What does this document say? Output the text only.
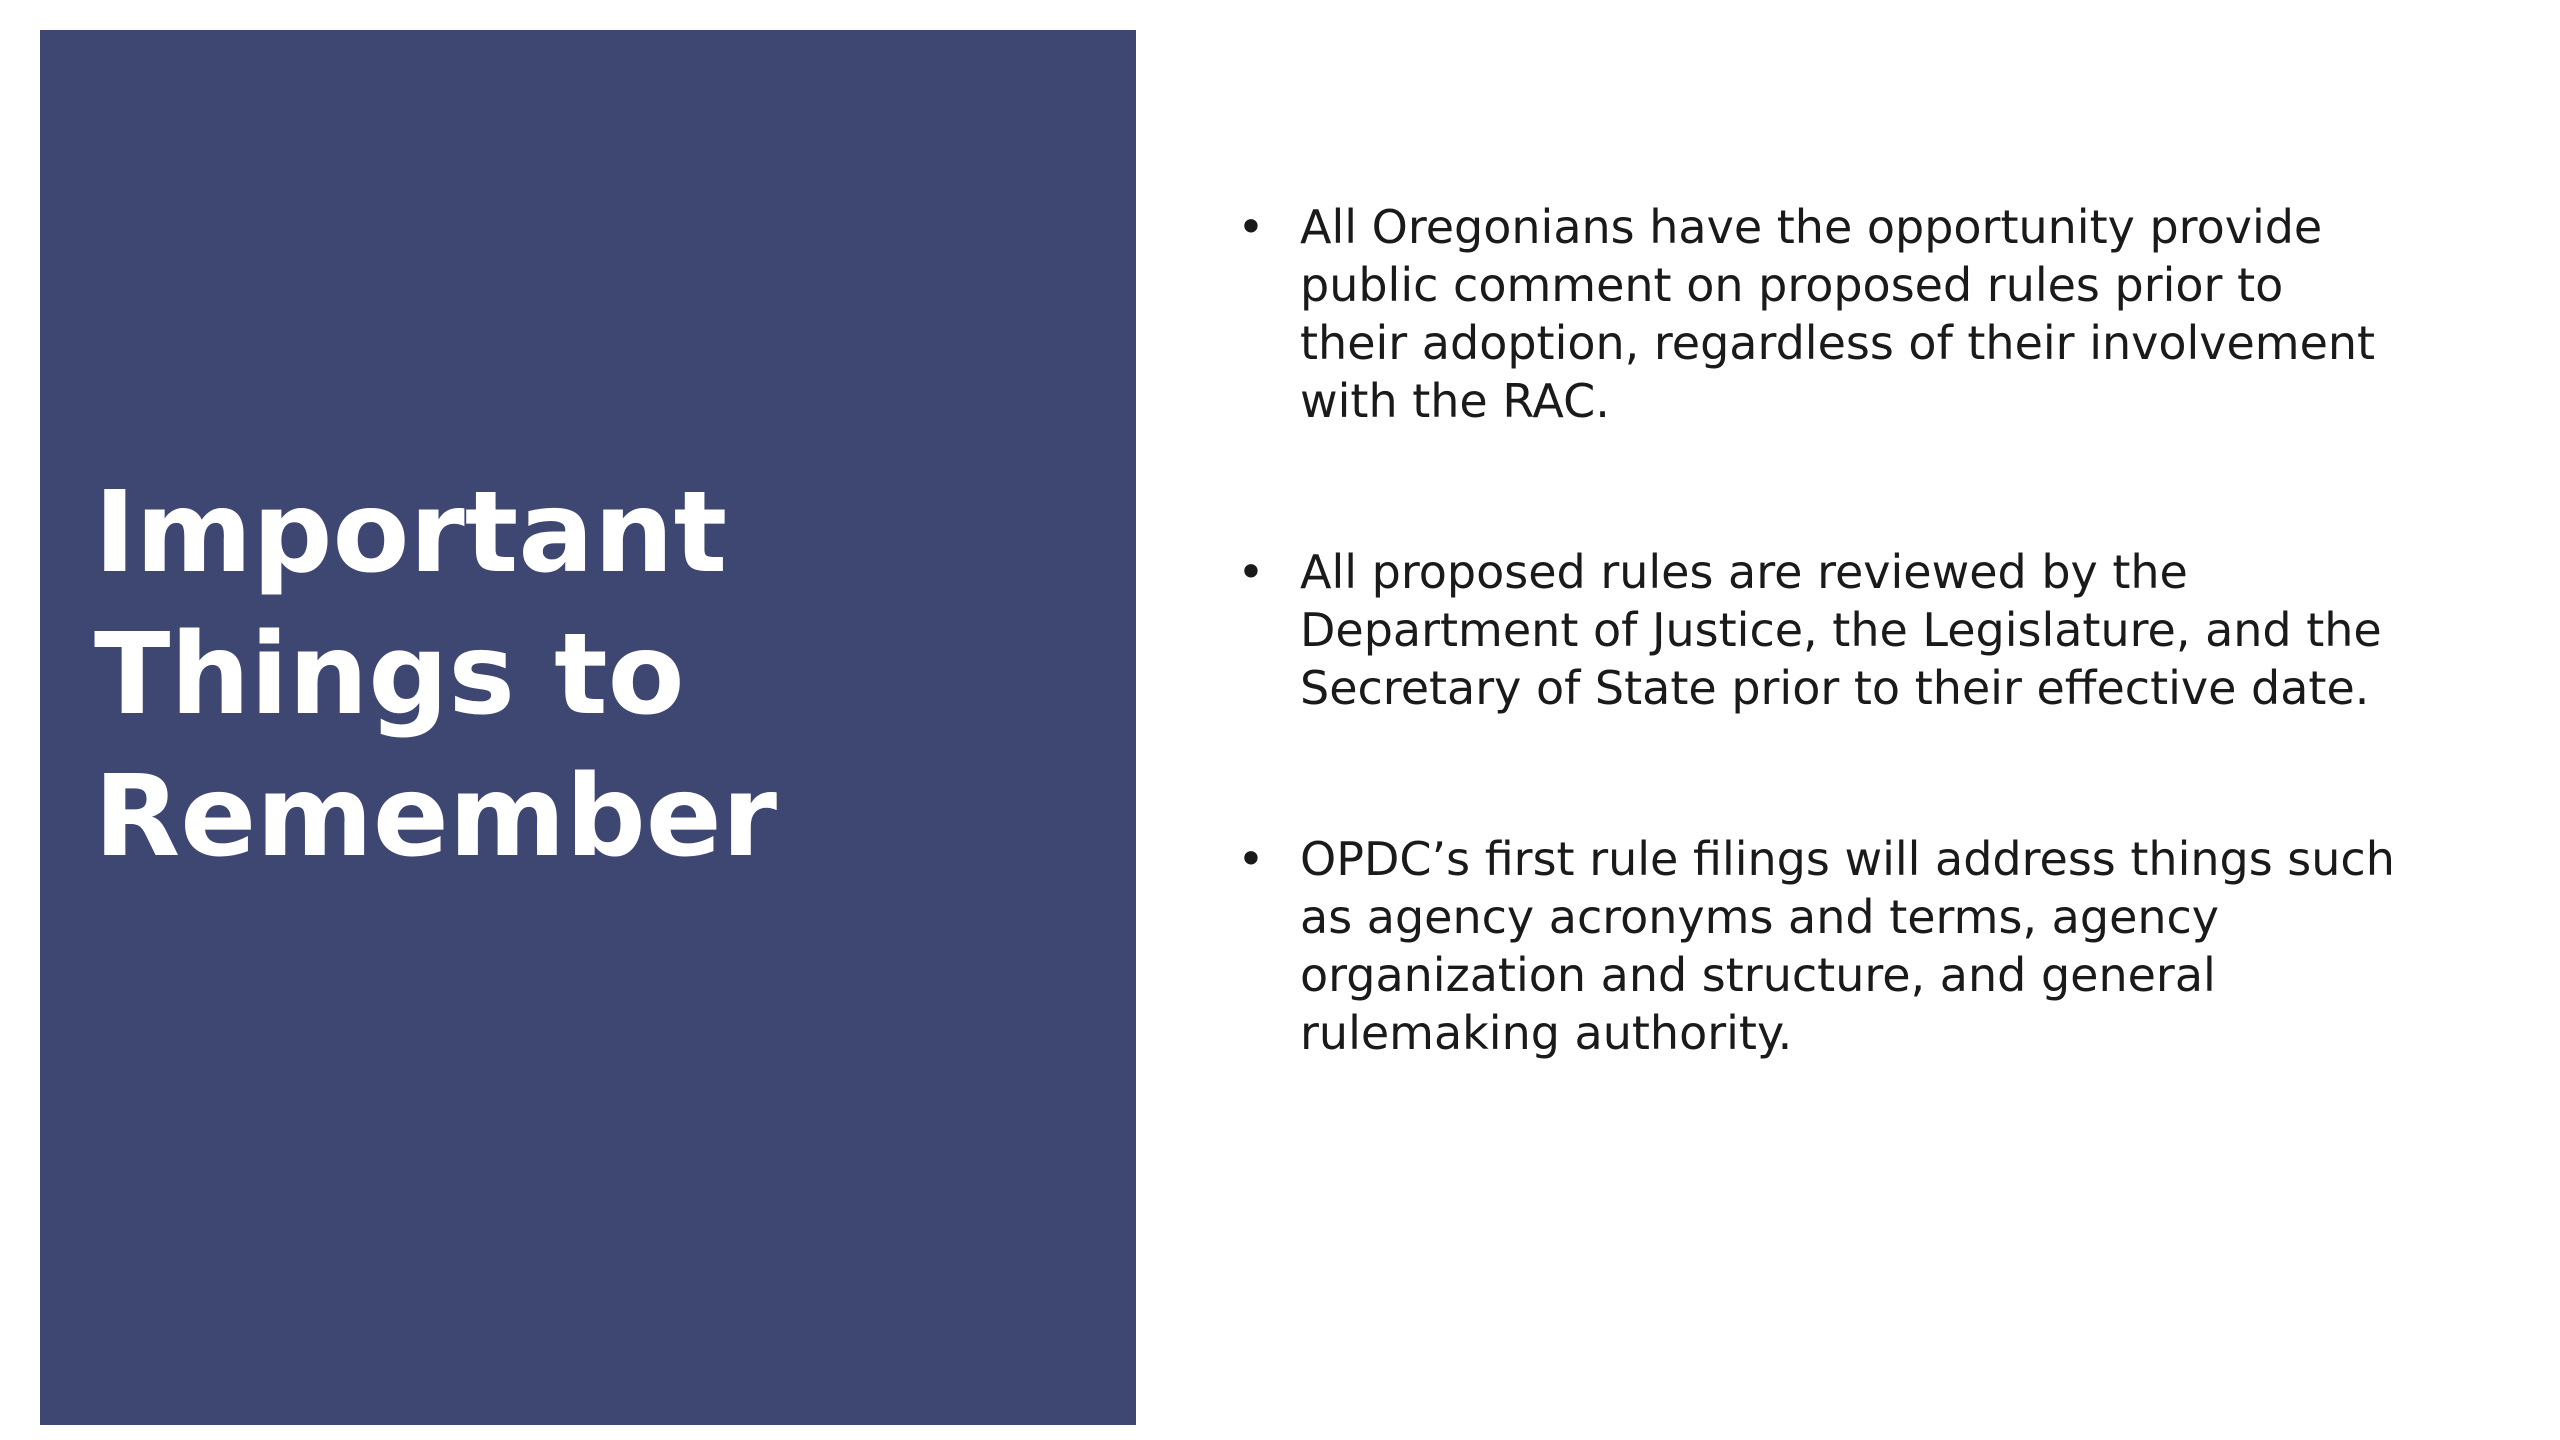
Important
Things to
Remember
• All Oregonians have the opportunity provide
public comment on proposed rules prior to
their adoption, regardless of their involvement
with the RAC.
• All proposed rules are reviewed by the
Department of Justice, the Legislature, and the
Secretary of State prior to their effective date.
• OPDC’s first rule filings will address things such
as agency acronyms and terms, agency
organization and structure, and general
rulemaking authority.
